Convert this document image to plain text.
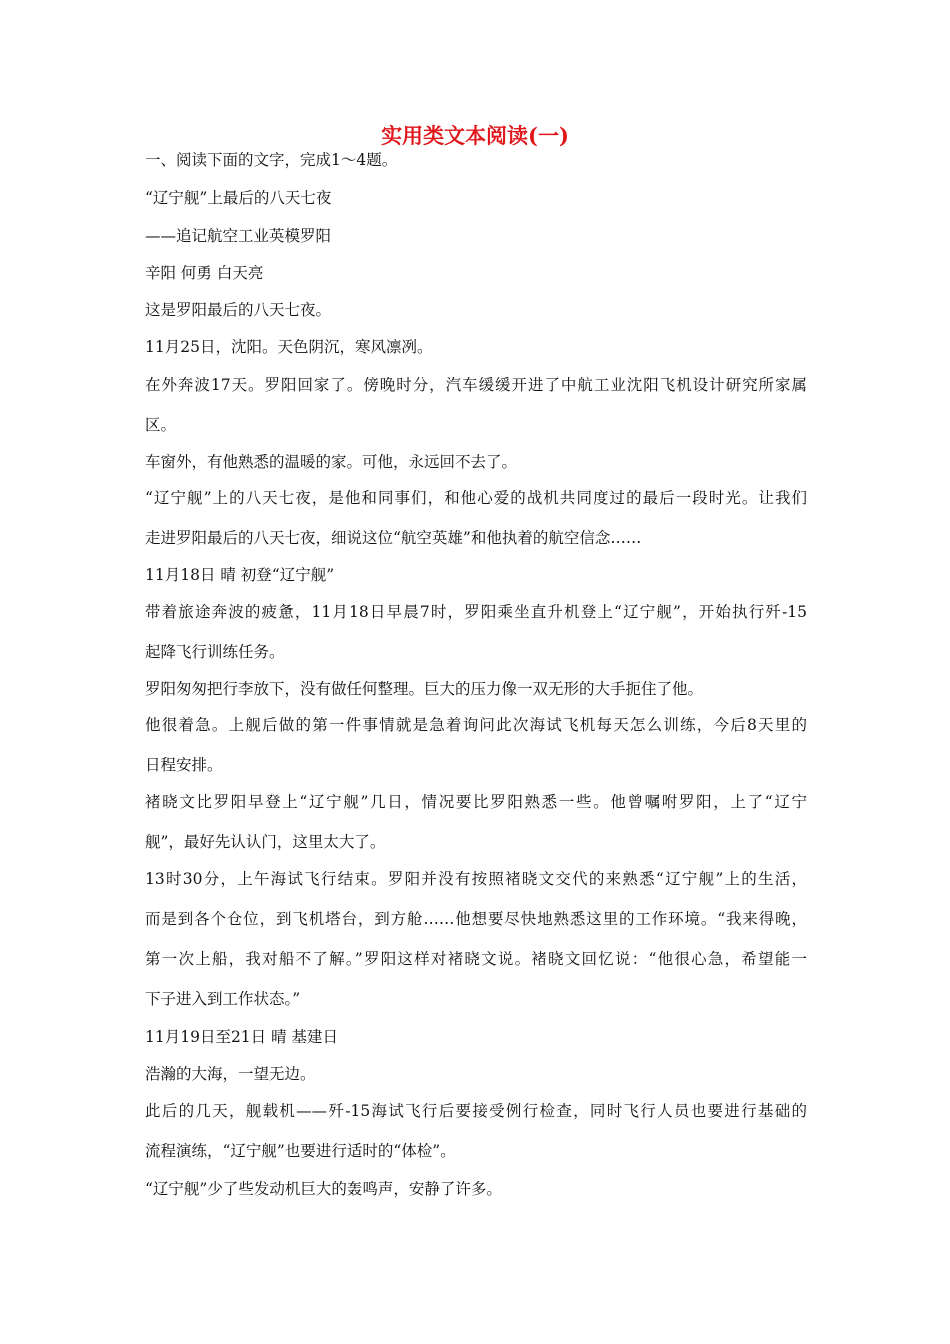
实用类文本阅读(一)
一、阅读下面的文字，完成1～4题。
“辽宁舰”上最后的八天七夜
——追记航空工业英模罗阳
辛阳 何勇 白天亮
这是罗阳最后的八天七夜。
11月25日，沈阳。天色阴沉，寒风凛冽。
在外奔波17天。罗阳回家了。傍晚时分，汽车缓缓开进了中航工业沈阳飞机设计研究所家属
区。
车窗外，有他熟悉的温暖的家。可他，永远回不去了。
“辽宁舰”上的八天七夜，是他和同事们，和他心爱的战机共同度过的最后一段时光。让我们
走进罗阳最后的八天七夜，细说这位“航空英雄”和他执着的航空信念……
11月18日 晴 初登“辽宁舰”
带着旅途奔波的疲惫，11月18日早晨7时，罗阳乘坐直升机登上“辽宁舰”，开始执行歼-15
起降飞行训练任务。
罗阳匆匆把行李放下，没有做任何整理。巨大的压力像一双无形的大手扼住了他。
他很着急。上舰后做的第一件事情就是急着询问此次海试飞机每天怎么训练，今后8天里的
日程安排。
褚晓文比罗阳早登上“辽宁舰”几日，情况要比罗阳熟悉一些。他曾嘱咐罗阳，上了“辽宁
舰”，最好先认认门，这里太大了。
13时30分，上午海试飞行结束。罗阳并没有按照褚晓文交代的来熟悉“辽宁舰”上的生活，
而是到各个仓位，到飞机塔台，到方舱……他想要尽快地熟悉这里的工作环境。“我来得晚，
第一次上船，我对船不了解。”罗阳这样对褚晓文说。褚晓文回忆说：“他很心急，希望能一
下子进入到工作状态。”
11月19日至21日 晴 基建日
浩瀚的大海，一望无边。
此后的几天，舰载机——歼-15海试飞行后要接受例行检查，同时飞行人员也要进行基础的
流程演练，“辽宁舰”也要进行适时的“体检”。
“辽宁舰”少了些发动机巨大的轰鸣声，安静了许多。
